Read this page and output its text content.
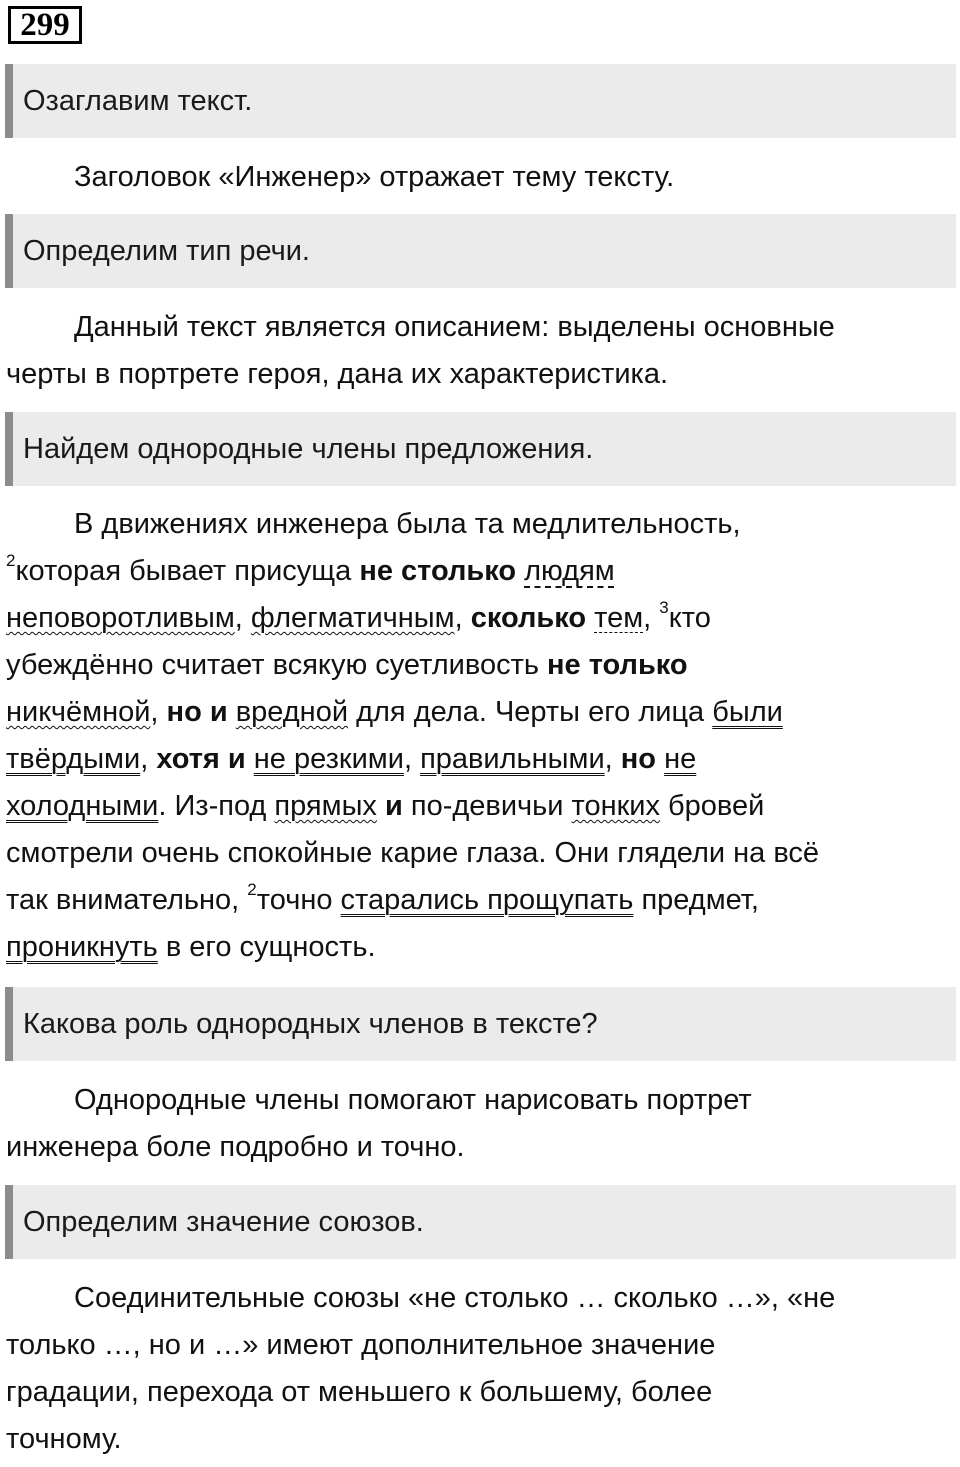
299
Озаглавим текст.

Заголовок «Инженер» отражает тему тексту.

Определим тип речи.

Данный текст является описанием: выделены основные
черты в портрете героя, дана их характеристика.

Найдем однородные члены предложения.

В движениях инженера была та медлительность,
$^2$которая бывает присуща не столько людям
неповоротливым, флегматичным, сколько тем, $^3$кто
убеждённо считает всякую суетливость не только
никчёмной, но и вредной для дела. Черты его лица были
твёрдыми, хотя и не резкими, правильными, но не
холодными. Из-под прямых и по-девичьи тонких бровей
смотрели очень спокойные карие глаза. Они глядели на всё
так внимательно, $^2$точно старались прощупать предмет,
проникнуть в его сущность.

Какова роль однородных членов в тексте?

Однородные члены помогают нарисовать портрет
инженера боле подробно и точно.

Определим значение союзов.

Соединительные союзы «не столько … сколько …», «не
только …, но и …» имеют дополнительное значение
градации, перехода от меньшего к большему, более
точному.
